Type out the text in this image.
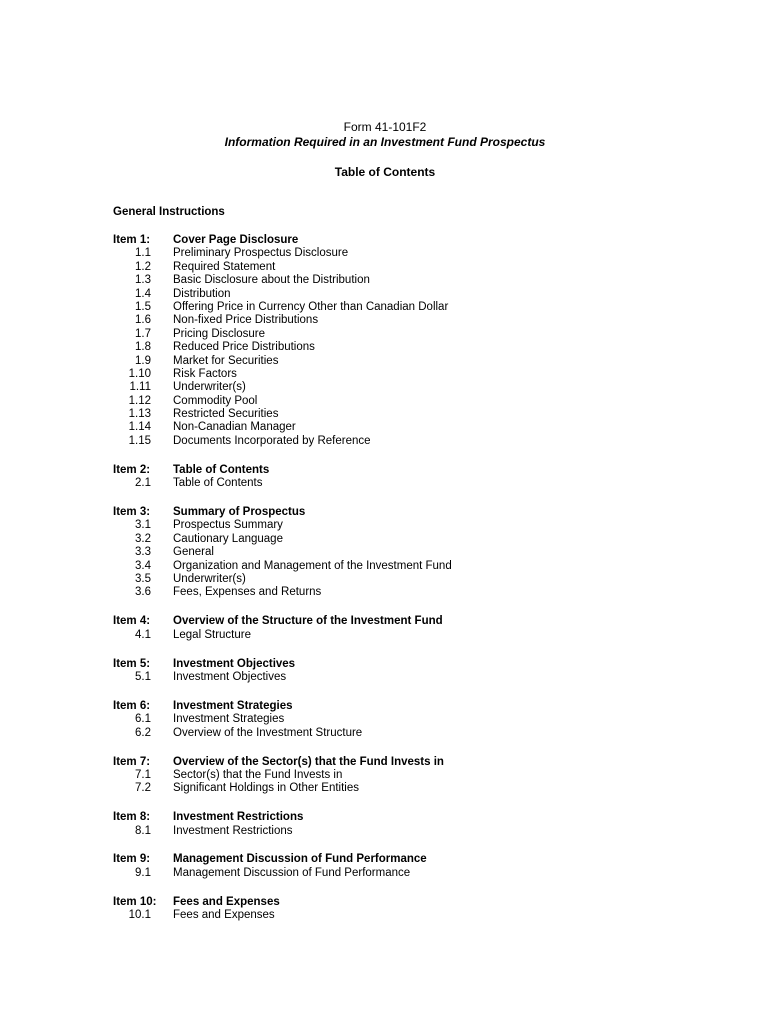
Form 41-101F2
Information Required in an Investment Fund Prospectus
Table of Contents
General Instructions
Item 1:	Cover Page Disclosure
1.1	Preliminary Prospectus Disclosure
1.2	Required Statement
1.3	Basic Disclosure about the Distribution
1.4	Distribution
1.5	Offering Price in Currency Other than Canadian Dollar
1.6	Non-fixed Price Distributions
1.7	Pricing Disclosure
1.8	Reduced Price Distributions
1.9	Market for Securities
1.10	Risk Factors
1.11	Underwriter(s)
1.12	Commodity Pool
1.13	Restricted Securities
1.14	Non-Canadian Manager
1.15	Documents Incorporated by Reference
Item 2:	Table of Contents
2.1	Table of Contents
Item 3:	Summary of Prospectus
3.1	Prospectus Summary
3.2	Cautionary Language
3.3	General
3.4	Organization and Management of the Investment Fund
3.5	Underwriter(s)
3.6	Fees, Expenses and Returns
Item 4:	Overview of the Structure of the Investment Fund
4.1	Legal Structure
Item 5:	Investment Objectives
5.1	Investment Objectives
Item 6:	Investment Strategies
6.1	Investment Strategies
6.2	Overview of the Investment Structure
Item 7:	Overview of the Sector(s) that the Fund Invests in
7.1	Sector(s) that the Fund Invests in
7.2	Significant Holdings in Other Entities
Item 8:	Investment Restrictions
8.1	Investment Restrictions
Item 9:	Management Discussion of Fund Performance
9.1	Management Discussion of Fund Performance
Item 10:	Fees and Expenses
10.1	Fees and Expenses
